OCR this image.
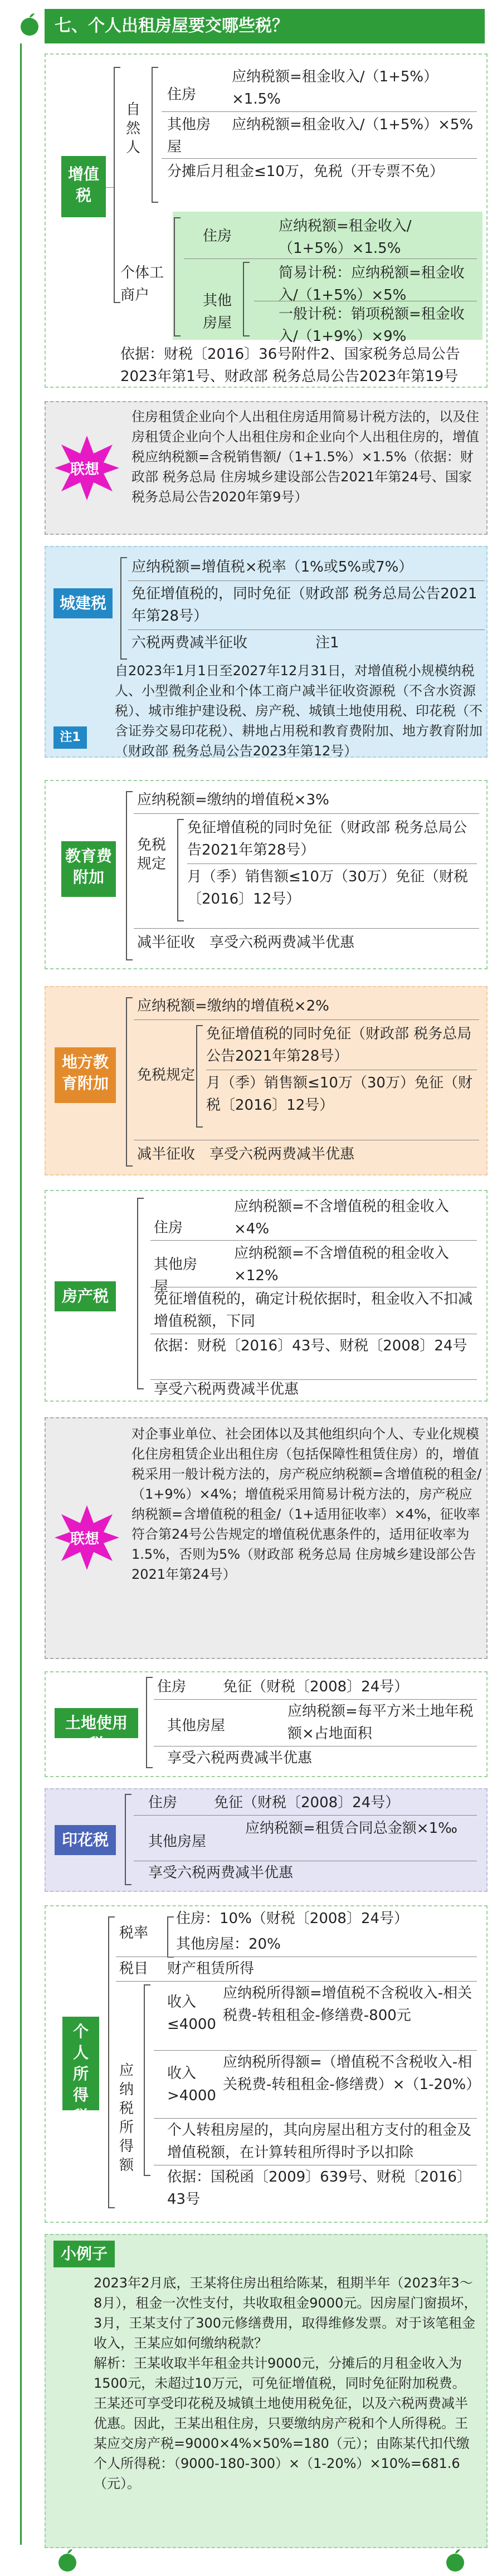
七、个人出租房屋要交哪些税？
增值税
自然人
住房
应纳税额=租金收入/（1+5%）×1.5%
其他房屋
应纳税额=租金收入/（1+5%）×5%
分摊后月租金≤10万，免税（开专票不免）
个体工商户
住房
应纳税额=租金收入/（1+5%）×1.5%
其他房屋
简易计税：应纳税额=租金收入/（1+5%）×5%
一般计税：销项税额=租金收入/（1+9%）×9%
依据：财税〔2016〕36号附件2、国家税务总局公告2023年第1号、财政部 税务总局公告2023年第19号
联想
住房租赁企业向个人出租住房适用简易计税方法的，以及住房租赁企业向个人出租住房和企业向个人出租住房的，增值税应纳税额=含税销售额/（1+1.5%）×1.5%（依据：财政部 税务总局 住房城乡建设部公告2021年第24号、国家税务总局公告2020年第9号）
城建税
应纳税额=增值税×税率（1%或5%或7%）
免征增值税的，同时免征（财政部 税务总局公告2021年第28号）
六税两费减半征收	注1
注1
自2023年1月1日至2027年12月31日，对增值税小规模纳税人、小型微利企业和个体工商户减半征收资源税（不含水资源税）、城市维护建设税、房产税、城镇土地使用税、印花税（不含证券交易印花税）、耕地占用税和教育费附加、地方教育附加（财政部 税务总局公告2023年第12号）
教育费附加
应纳税额=缴纳的增值税×3%
免税规定
免征增值税的同时免征（财政部 税务总局公告2021年第28号）
月（季）销售额≤10万（30万）免征（财税〔2016〕12号）
减半征收 享受六税两费减半优惠
地方教育附加
应纳税额=缴纳的增值税×2%
免税规定
免征增值税的同时免征（财政部 税务总局公告2021年第28号）
月（季）销售额≤10万（30万）免征（财税〔2016〕12号）
减半征收 享受六税两费减半优惠
房产税
住房
应纳税额=不含增值税的租金收入×4%
其他房屋
应纳税额=不含增值税的租金收入×12%
免征增值税的，确定计税依据时，租金收入不扣减增值税额，下同
依据：财税〔2016〕43号、财税〔2008〕24号
享受六税两费减半优惠
联想
对企事业单位、社会团体以及其他组织向个人、专业化规模化住房租赁企业出租住房（包括保障性租赁住房）的，增值税采用一般计税方法的，房产税应纳税额=含增值税的租金/（1+9%）×4%；增值税采用简易计税方法的，房产税应纳税额=含增值税的租金/（1+适用征收率）×4%，征收率符合第24号公告规定的增值税优惠条件的，适用征收率为1.5%，否则为5%（财政部 税务总局 住房城乡建设部公告2021年第24号）
土地使用税
住房	免征（财税〔2008〕24号）
其他房屋
应纳税额=每平方米土地年税额×占地面积
享受六税两费减半优惠
印花税
住房	免征（财税〔2008〕24号）
其他房屋
应纳税额=租赁合同总金额×1‰
享受六税两费减半优惠
个人所得税
税率
住房：10%（财税〔2008〕24号）
其他房屋：20%
税目 财产租赁所得
应纳税所得额
收入≤4000
应纳税所得额=增值税不含税收入-相关税费-转租租金-修缮费-800元
收入>4000
应纳税所得额=（增值税不含税收入-相关税费-转租租金-修缮费）×（1-20%）
个人转租房屋的，其向房屋出租方支付的租金及增值税额，在计算转租所得时予以扣除
依据：国税函〔2009〕639号、财税〔2016〕43号
小例子
2023年2月底，王某将住房出租给陈某，租期半年（2023年3～8月），租金一次性支付，共收取租金9000元。因房屋门窗损坏，3月，王某支付了300元修缮费用，取得维修发票。对于该笔租金收入，王某应如何缴纳税款？
解析：王某收取半年租金共计9000元，分摊后的月租金收入为1500元，未超过10万元，可免征增值税，同时免征附加税费。王某还可享受印花税及城镇土地使用税免征，以及六税两费减半优惠。因此，王某出租住房，只要缴纳房产税和个人所得税。王某应交房产税=9000×4%×50%=180（元）；由陈某代扣代缴个人所得税：（9000-180-300）×（1-20%）×10%=681.6（元）。
